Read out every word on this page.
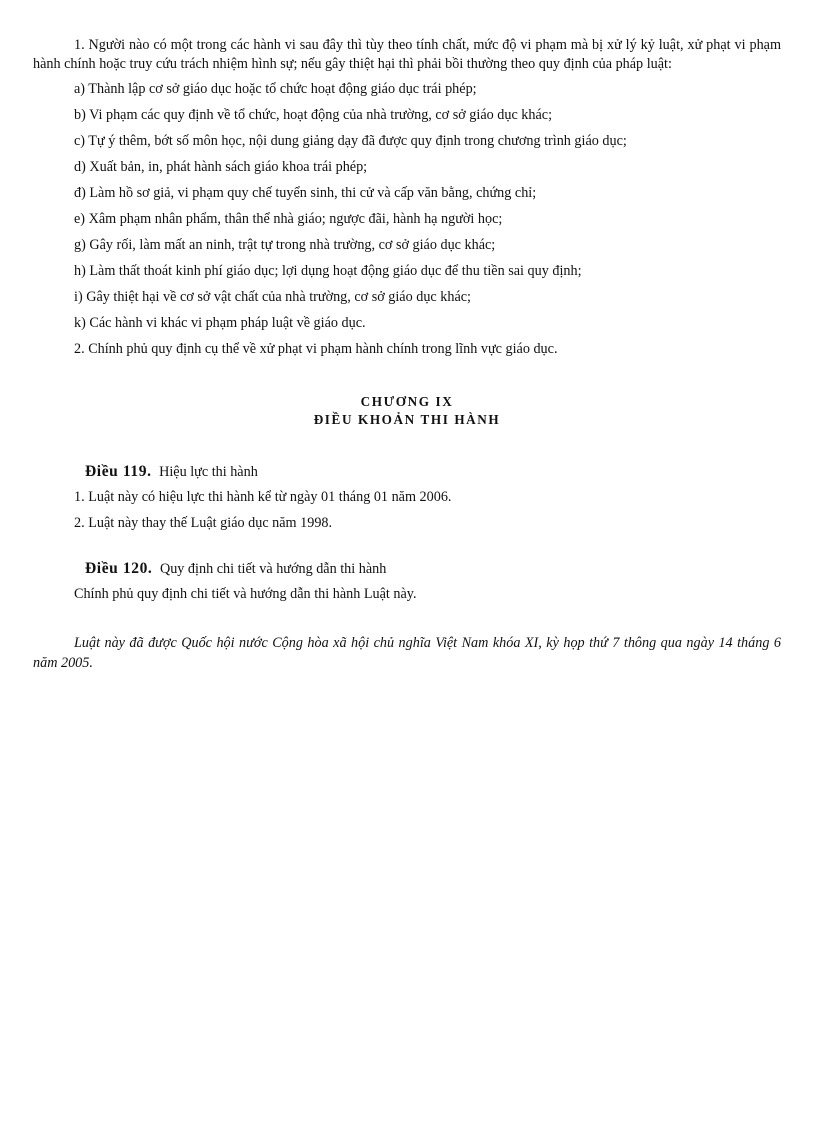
1. Người nào có một trong các hành vi sau đây thì tùy theo tính chất, mức độ vi phạm mà bị xử lý kỷ luật, xử phạt vi phạm hành chính hoặc truy cứu trách nhiệm hình sự; nếu gây thiệt hại thì phải bồi thường theo quy định của pháp luật:

a) Thành lập cơ sở giáo dục hoặc tổ chức hoạt động giáo dục trái phép;
b) Vi phạm các quy định về tổ chức, hoạt động của nhà trường, cơ sở giáo dục khác;
c) Tự ý thêm, bớt số môn học, nội dung giảng dạy đã được quy định trong chương trình giáo dục;
d) Xuất bản, in, phát hành sách giáo khoa trái phép;
đ) Làm hồ sơ giả, vi phạm quy chế tuyển sinh, thi cử và cấp văn bằng, chứng chỉ;
e) Xâm phạm nhân phẩm, thân thể nhà giáo; ngược đãi, hành hạ người học;
g) Gây rối, làm mất an ninh, trật tự trong nhà trường, cơ sở giáo dục khác;
h) Làm thất thoát kinh phí giáo dục; lợi dụng hoạt động giáo dục để thu tiền sai quy định;
i) Gây thiệt hại về cơ sở vật chất của nhà trường, cơ sở giáo dục khác;
k) Các hành vi khác vi phạm pháp luật về giáo dục.
2. Chính phủ quy định cụ thể về xử phạt vi phạm hành chính trong lĩnh vực giáo dục.
CHƯƠNG IX
ĐIỀU KHOẢN THI HÀNH
Điều 119. Hiệu lực thi hành
1. Luật này có hiệu lực thi hành kể từ ngày 01 tháng 01 năm 2006.
2. Luật này thay thế Luật giáo dục năm 1998.
Điều 120. Quy định chi tiết và hướng dẫn thi hành
Chính phủ quy định chi tiết và hướng dẫn thi hành Luật này.

Luật này đã được Quốc hội nước Cộng hòa xã hội chủ nghĩa Việt Nam khóa XI, kỳ họp thứ 7 thông qua ngày 14 tháng 6 năm 2005.
